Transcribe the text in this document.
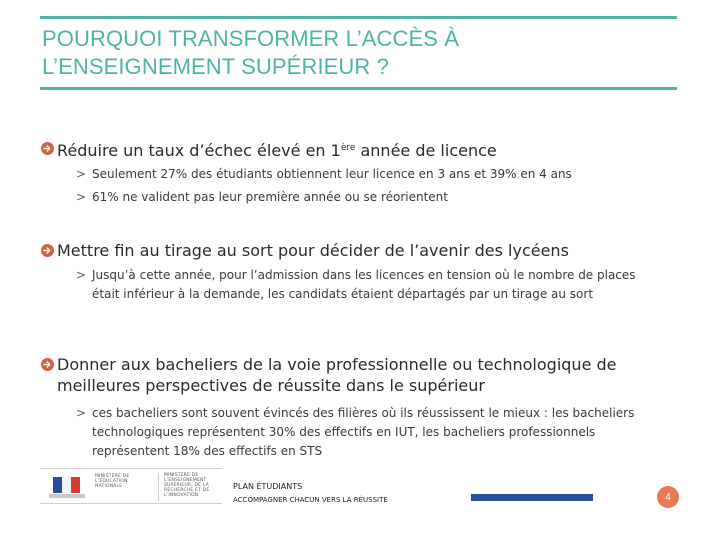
POURQUOI TRANSFORMER L’ACCÈS À
L’ENSEIGNEMENT SUPÉRIEUR ?
Réduire un taux d’échec élevé en 1ère année de licence
> Seulement 27% des étudiants obtiennent leur licence en 3 ans et 39% en 4 ans
> 61% ne valident pas leur première année ou se réorientent
Mettre fin au tirage au sort pour décider de l’avenir des lycéens
> Jusqu’à cette année, pour l’admission dans les licences en tension où le nombre de places était inférieur à la demande, les candidats étaient départagés par un tirage au sort
Donner aux bacheliers de la voie professionnelle ou technologique de meilleures perspectives de réussite dans le supérieur
> ces bacheliers sont souvent évincés des filières où ils réussissent le mieux : les bacheliers technologiques représentent 30% des effectifs en IUT, les bacheliers professionnels représentent 18% des effectifs en STS
MINISTÈRE DE L’ÉDUCATION NATIONALE
MINISTÈRE DE L’ENSEIGNEMENT SUPÉRIEUR, DE LA RECHERCHE ET DE L’INNOVATION
PLAN ÉTUDIANTS
ACCOMPAGNER CHACUN VERS LA RÉUSSITE	4
